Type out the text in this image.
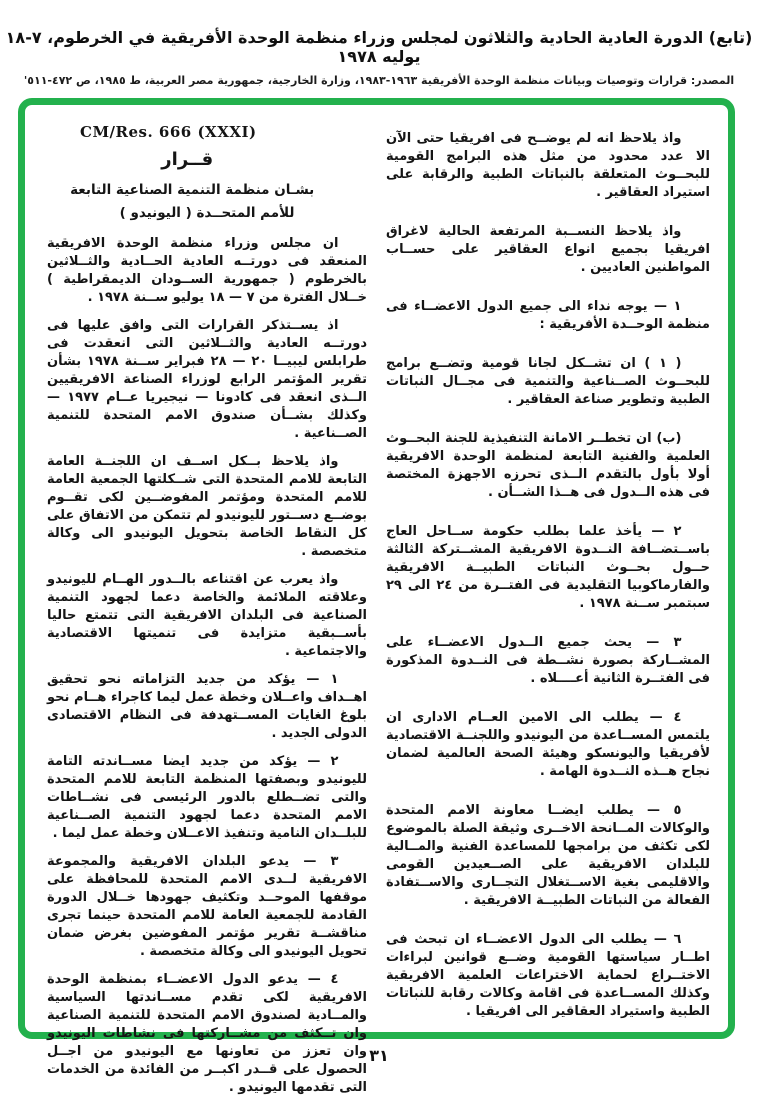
(تابع) الدورة العادية الحادية والثلاثون لمجلس وزراء منظمة الوحدة الأفريقية في الخرطوم، ٧-١٨ يوليه ١٩٧٨
المصدر: قرارات وتوصيات وبيانات منظمة الوحدة الأفريقية ١٩٦٣-١٩٨٣، وزارة الخارجية، جمهورية مصر العربية، ط ١٩٨٥، ص ٤٧٢-٥١١'

واذ يلاحظ انه لم يوضــح فى افريقيا حتى الآن الا عدد محدود من مثل هذه البرامج القومية للبحــوث المتعلقة بالنباتات الطبية والرقابة على استيراد العقاقير .

واذ يلاحظ النســبة المرتفعة الحالية لاغراق افريقيا بجميع انواع العقاقير على حســاب المواطنين العاديين .

١ — يوجه نداء الى جميع الدول الاعضــاء فى منظمة الوحــدة الأفريقية :

( ١ ) ان تشــكل لجانا قومية وتضــع برامج للبحــوث الصــناعية والتنمية فى مجــال النباتات الطبية وتطوير صناعة العقاقير .

(ب) ان تخطــر الامانة التنفيذية للجنة البحــوث العلمية والفنية التابعة لمنظمة الوحدة الافريقية أولا بأول بالتقدم الــذى تحرزه الاجهزة المختصة فى هذه الــدول فى هــذا الشــأن .

٢ — يأخذ علما بطلب حكومة ســاحل العاج باســتضــافة النــدوة الافريقية المشــتركة الثالثة حــول بحــوث النباتات الطبيــة الافريقية والفارماكوبيا التقليدية فى الفتــرة من ٢٤ الى ٢٩ سبتمبر ســنة ١٩٧٨ .

٣ — يحث جميع الــدول الاعضــاء على المشــاركة بصورة نشــطة فى النــدوة المذكورة فى الفتــرة الثانية أعــــلاه .

٤ — يطلب الى الامين العــام الادارى ان يلتمس المســاعدة من اليونيدو واللجنــة الاقتصادية لأفريقيا واليونسكو وهيئة الصحة العالمية لضمان نجاح هــذه النــدوة الهامة .

٥ — يطلب ايضــا معاونة الامم المتحدة والوكالات المــانحة الاخــرى وثيقة الصلة بالموضوع لكى تكثف من برامجها للمساعدة الفنية والمــالية للبلدان الافريقية على الصــعيدين القومى والاقليمى بغية الاســتغلال التجــارى والاســتفادة الفعالة من النباتات الطبيــة الافريقية .

٦ — يطلب الى الدول الاعضــاء ان تبحث فى اطــار سياستها القومية وضــع قوانين لبراءات الاختــراع لحماية الاختراعات العلمية الافريقية وكذلك المســاعدة فى اقامة وكالات رقابة للنباتات الطبية واستيراد العقاقير الى افريقيا .

CM/Res. 666 (XXXI)

قــرار

بشـان منظمة التنمية الصناعية التابعة
للأمم المتحــدة ( اليونيدو )

ان مجلس وزراء منظمة الوحدة الافريقية المنعقد فى دورتــه العادية الحــادية والثــلاثين بالخرطوم ( جمهورية الســودان الديمقراطية ) خــلال الفترة من ٧ — ١٨ يوليو ســنة ١٩٧٨ .

اذ يســتذكر القرارات التى وافق عليها فى دورتــه العادية والثــلاثين التى انعقدت فى طرابلس ليبيــا ٢٠ — ٢٨ فبراير ســنة ١٩٧٨ بشأن تقرير المؤتمر الرابع لوزراء الصناعة الافريقيين الــذى انعقد فى كادونا — نيجيريا عــام ١٩٧٧ — وكذلك بشــأن صندوق الامم المتحدة للتنمية الصــناعية .

واذ يلاحظ بــكل اســف ان اللجنــة العامة التابعة للامم المتحدة التى شــكلتها الجمعية العامة للامم المتحدة ومؤتمر المفوضــين لكى تقــوم بوضــع دســتور لليونيدو لم تتمكن من الاتفاق على كل النقاط الخاصة بتحويل اليونيدو الى وكالة متخصصة .

واذ يعرب عن اقتناعه بالــدور الهــام لليونيدو وعلاقته الملائمة والخاصة دعما لجهود التنمية الصناعية فى البلدان الافريقية التى تتمتع حاليا بأســبقية متزايدة فى تنميتها الاقتصادية والاجتماعية .

١ — يؤكد من جديد التزاماته نحو تحقيق اهــداف واعــلان وخطة عمل ليما كاجراء هــام نحو بلوغ الغايات المســتهدفة فى النظام الاقتصادى الدولى الجديد .

٢ — يؤكد من جديد ايضا مســاندته التامة لليونيدو وبصفتها المنظمة التابعة للامم المتحدة والتى تضــطلع بالدور الرئيسى فى نشــاطات الامم المتحدة دعما لجهود التنمية الصــناعية للبلــدان النامية وتنفيذ الاعــلان وخطة عمل ليما .

٣ — يدعو البلدان الافريقية والمجموعة الافريقية لــدى الامم المتحدة للمحافظة على موقفها الموحــد وتكثيف جهودها خــلال الدورة القادمة للجمعية العامة للامم المتحدة حينما تجرى مناقشــة تقرير مؤتمر المفوضين بغرض ضمان تحويل اليونيدو الى وكالة متخصصة .

٤ — يدعو الدول الاعضــاء بمنظمة الوحدة الافريقية لكى تقدم مســاندتها السياسية والمــادية لصندوق الامم المتحدة للتنمية الصناعية وان تــكثف من مشــاركتها فى نشاطات اليونيدو وان تعزز من تعاونها مع اليونيدو من اجــل الحصول على قــدر اكبــر من الفائدة من الخدمات التى تقدمها اليونيدو .

٣١
